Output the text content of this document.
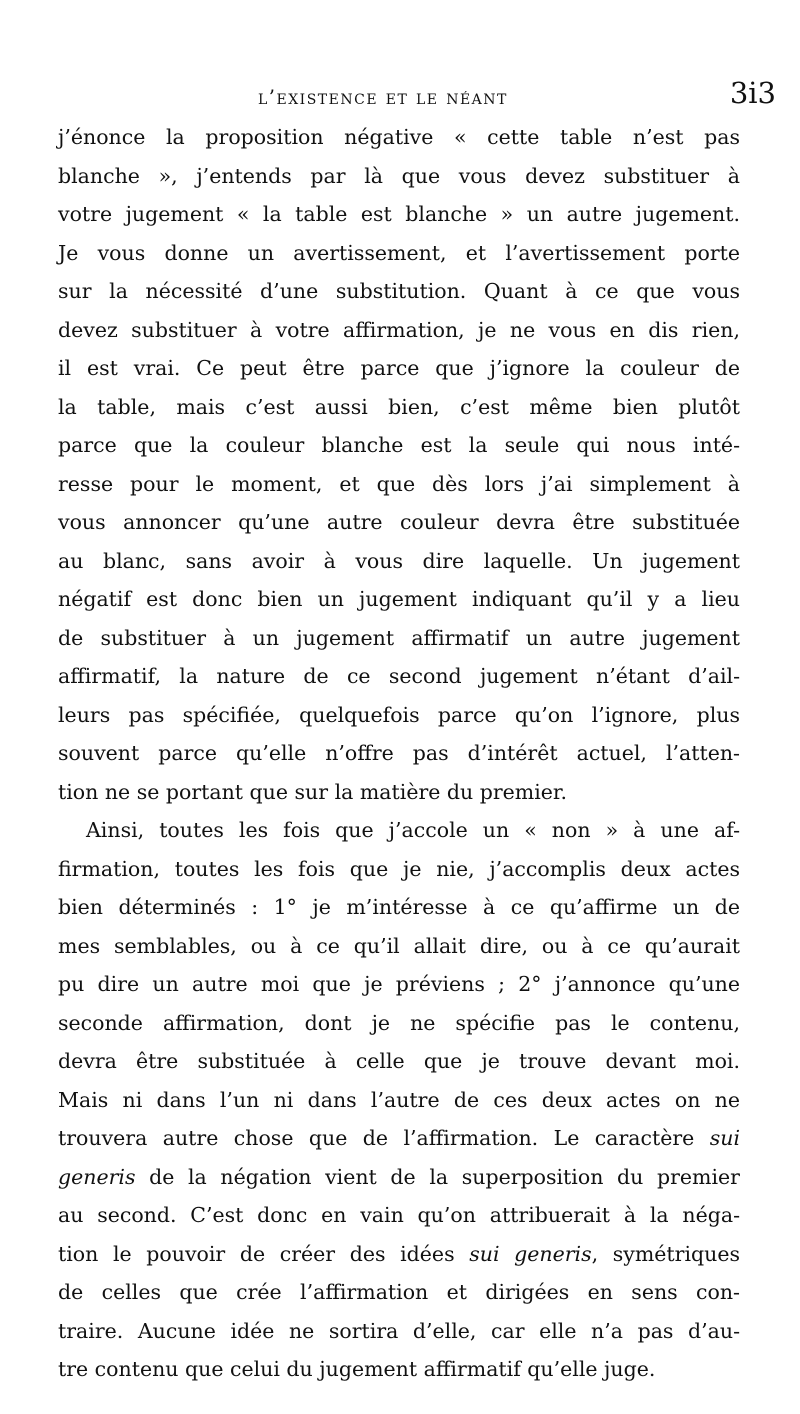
l’existence et le néant	3i3
j’énonce la proposition négative « cette table n’est pas
blanche », j’entends par là que vous devez substituer à
votre jugement « la table est blanche » un autre jugement.
Je vous donne un avertissement, et l’avertissement porte
sur la nécessité d’une substitution. Quant à ce que vous
devez substituer à votre affirmation, je ne vous en dis rien,
il est vrai. Ce peut être parce que j’ignore la couleur de
la table, mais c’est aussi bien, c’est même bien plutôt
parce que la couleur blanche est la seule qui nous inté-
resse pour le moment, et que dès lors j’ai simplement à
vous annoncer qu’une autre couleur devra être substituée
au blanc, sans avoir à vous dire laquelle. Un jugement
négatif est donc bien un jugement indiquant qu’il y a lieu
de substituer à un jugement affirmatif un autre jugement
affirmatif, la nature de ce second jugement n’étant d’ail-
leurs pas spécifiée, quelquefois parce qu’on l’ignore, plus
souvent parce qu’elle n’offre pas d’intérêt actuel, l’atten-
tion ne se portant que sur la matière du premier.
Ainsi, toutes les fois que j’accole un « non » à une af-
firmation, toutes les fois que je nie, j’accomplis deux actes
bien déterminés : 1° je m’intéresse à ce qu’affirme un de
mes semblables, ou à ce qu’il allait dire, ou à ce qu’aurait
pu dire un autre moi que je préviens ; 2° j’annonce qu’une
seconde affirmation, dont je ne spécifie pas le contenu,
devra être substituée à celle que je trouve devant moi.
Mais ni dans l’un ni dans l’autre de ces deux actes on ne
trouvera autre chose que de l’affirmation. Le caractère sui
generis de la négation vient de la superposition du premier
au second. C’est donc en vain qu’on attribuerait à la néga-
tion le pouvoir de créer des idées sui generis, symétriques
de celles que crée l’affirmation et dirigées en sens con-
traire. Aucune idée ne sortira d’elle, car elle n’a pas d’au-
tre contenu que celui du jugement affirmatif qu’elle juge.
